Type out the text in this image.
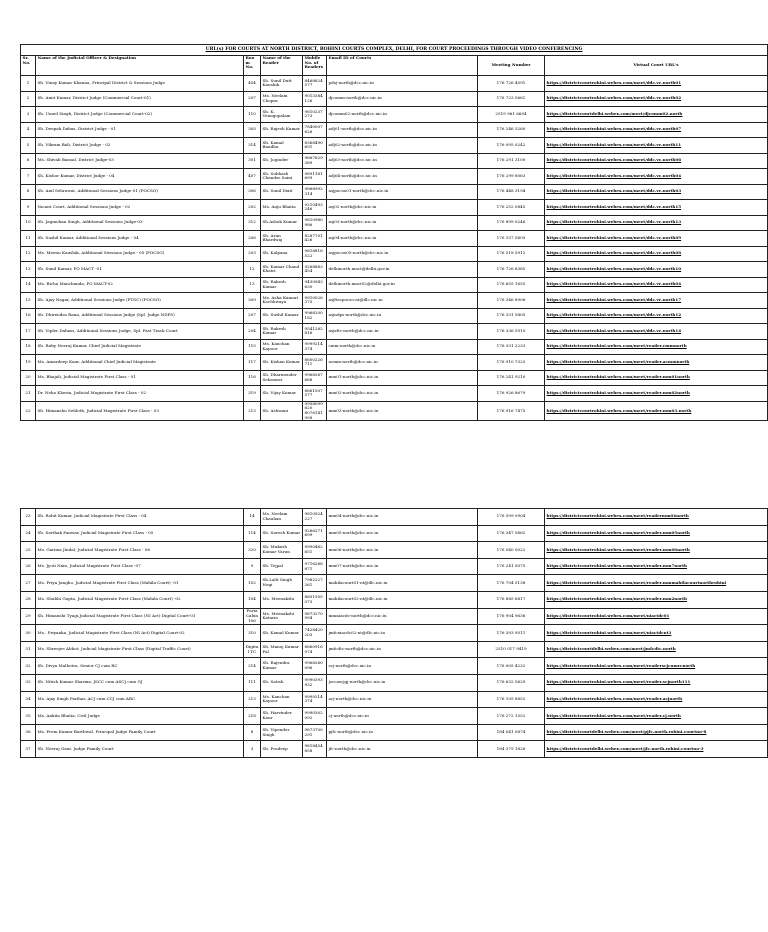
URL(s) FOR COURTS AT NORTH DISTRICT, ROHINI COURTS COMPLEX, DELHI, FOR COURT PROCEEDINGS THROUGH VIDEO CONFERENCING							
Sr. No.	Name of the Judicial Officer & Designation	Room No.	Name of the Reader	Mobile No. of Readers	Email ID of Courts	Meeting Number	Virtual Court URL's
1	Sh. Vinay Kumar Khanna, Principal District & Sessions Judge	404	Sh. Sunil Dutt Kaushik	8468824577	pdsj-north@dcc.nic.in	176 726 4591	https://districtcourtrohini.webex.com/meet/ddc.vc.north01
2	Sh. Amit Kumar, District Judge (Commercial Court-01)	207	Ms. Neelam Chopra	9013384126	djcomm-north@dcc.nic.in	176 723 5661	https://districtcourtrohini.webex.com/meet/ddc.vc.north02
3	Sh. Umed Singh, District Judge (Commercial Court-02)	110	Sh. K. Venugopalam	9810237273	djcomm02-north@dcc.nic.in	2519 961 6694	https://districtcourtdelhi.webex.com/meet/djcomm02.north
4	Sh. Deepak Dabas, District Judge - 01	305	Sh. Rajesh Kumar	7840007626	adj01-north@dcc.nic.in	176 246 3260	https://districtcourtrohini.webex.com/meet/ddc.vc.north07
5	Sh. Vikram Bali, District Judge - 02	314	Sh. Kamal Bandhu	8368490691	adj02-north@dcc.nic.in	176 095 0242	https://districtcourtrohini.webex.com/meet/ddc.vc.north11
6	Ms. Shivali Bansal, District Judge-03	301	Sh. Joginder	9667629389	adj03-north@dcc.nic.in	176 291 3100	https://districtcourtrohini.webex.com/meet/ddc.vc.north06
7	Sh. Kishor Kumar, District Judge - 04	407	Sh. Subhash Chander Saini	9891181699	adj04-north@dcc.nic.in	176 299 8063	https://districtcourtrohini.webex.com/meet/ddc.vc.north04
8	Sh. Anil Sehrawat, Additional Sessions Judge-01 (POCSO)	306	Sh. Sunil Dixit	9868992314	asjpocso01-north@dcc.nic.in	176 448 3194	https://districtcourtrohini.webex.com/meet/ddc.vc.north03
9	Vacant Court, Additional Sessions Judge - 02	202	Ms. Anju Bhatia	9210493246	asj02-north@dcc.nic.in	176 252 0845	https://districtcourtrohini.webex.com/meet/ddc.vc.north15
10	Sh. Jagmohan Singh, Additional Sessions Judge-03	312	Sh.Ashok Kumar	9810980986	asj03-north@dcc.nic.in	176 899 0246	https://districtcourtrohini.webex.com/meet/ddc.vc.north13
11	Sh. Sushil Kumar, Additional Sessions Judge - 04	206	Sh. Arun Bhardwaj	8287701426	asj04-north@dcc.nic.in	176 157 5605	https://districtcourtrohini.webex.com/meet/ddc.vc.north09
12	Ms. Meenu Kaushik, Additional Sessions Judge - 05 (POCSO)	203	Sh. Kalpana	9818816522	asjpocso05-north@dcc.nic.in	176 518 5912	https://districtcourtrohini.webex.com/meet/ddc.vc.north08
13	Sh. Sunil Kumar, PO MACT -01	12	Sh. Kumar Chand Khatri	9268883454	delhinorth.mact@delhi.gov.in	176 726 6365	https://districtcourtrohini.webex.com/meet/ddc.vc.north10
14	Ms. Richa Manchanda, PO MACT-02	13	Sh. Rakesh Kumar	9430943630	delhinorth.mact02@delhi.gov.in	176 655 1655	https://districtcourtrohini.webex.com/meet/ddc.vc.north04
15	Sh. Ajay Nagar, Additional Sessions Judge (FTSC) (POCSO)	309	Ms. Asha Kumari Kochhwaya	9910026373	asjftscpocso-nt@dlc.nic.in	176 346 8906	https://districtcourtrohini.webex.com/meet/ddc.vc.north17
16	Sh. Dhirendra Rana, Additional Sessions Judge (Spl. Judge NDPS)	207	Sh. Sushil Kumar	9968200182	asjndps-north@dcc.nic.in	176 331 5805	https://districtcourtrohini.webex.com/meet/ddc.vc.north12
17	Sh. Vipler Dabass, Additional Sessions Judge, Spl. Fast Track Court	204	Sh. Rakesh Kumar	9541282816	asjsftc-north@dcc.nic.in	176 336 5910	https://districtcourtrohini.webex.com/meet/ddc.vc.north14
18	Sh. Ruby Neeraj Kumar, Chief Judicial Magistrate	115	Ms. Kanchan Kapoor	9999214374	cmm-north@dcc.nic.in	176 331 2233	https://districtcourtrohini.webex.com/meet/reader.cmmnorth
19	Ms. Amardeep Kaur, Additional Chief Judicial Magistrate	117	Sh. Kishan Kumar	8800226711	acmm-north@dcc.nic.in	176 910 7325	https://districtcourtrohini.webex.com/meet/reader.acmmnorth
20	Ms. Bhajali, Judicial Magistrate First Class - 01	116	Sh. Dharmender Sehrawat	9968267668	mm01-north@dcc.nic.in	176 241 9210	https://districtcourtrohini.webex.com/meet/reader.mm01north
21	Dr. Neha Kheria, Judicial Magistrate First Class - 02	319	Sh. Vijay Kumar	8861507577	mm02-north@dcc.nic.in	176 926 8679	https://districtcourtrohini.webex.com/meet/reader.mm02north
22	Sh. Himanshu Sehlotb, Judicial Magistrate First Class - 03	213	Sh. Ashwani	9958099620 8076141958	mm03-north@dcc.nic.in	176 916 7475	https://districtcourtrohini.webex.com/meet/reader.mm03.north
23	Sh. Rohit Kumar, Judicial Magistrate First Class - 04	14	Ms. Neelam Chauhan	9810924227	mm04-north@dcc.nic.in	176 599 0904	https://districtcourtrohini.webex.com/meet/readermm04north
24	Sh. Sarthak Panwar, Judicial Magistrate First Class - 05	114	Sh. Suresh Kumar	9266271699	mm05-north@dcc.nic.in	176 347 5662	https://districtcourtrohini.webex.com/meet/reader.mm05north
25	Ms. Garima Jindal, Judicial Magistrate First Class - 06	320	Sh. Mukesh Kumar Varun	9990462651	mm06-north@dcc.nic.in	176 040 0022	https://districtcourtrohini.webex.com/meet/reader.mm06north
26	Ms. Jyoti Nain, Judicial Magistrate First Class -07	9	Sh. Tejpal	9716268871	mm07-north@dcc.nic.in	176 241 5075	https://districtcourtrohini.webex.com/meet/reader.mm7north
27	Ms. Priya Jangho, Judicial Magistrate First Class (Mahila Court) -01	102	Sh.Lalit Singh Negi	7982227261	mahilacourt01-nt@dlc.nic.in	176 704 5138	https://districtcourtrohini.webex.com/meet/reader.mmmahilacourtnorthrohini
28	Ms. Shubhi Gupta, Judicial Magistrate First Class (Mahila Court) -02	104	Ms. Meenakshi	8851955073	mahilacourt02-nt@dlc.nic.in	176 885 6817	https://districtcourtrohini.webex.com/meet/reader.mm2north
29	Sh. Himanshi Tyagi,Judicial Magistrate First Class (NI Act) Digital Court-01	Porta Cabin 106	Ms. Meenakshi Kataria	9873270994	mmniacdc-north@dcc.nic.in	176 904 9636	https://districtcourtrohini.webex.com/meet/niactdc01
30	Ms.. Priyanka, Judicial Magistrate First Class (NI Act) Digital Court-02	310	Sh. Kamal Kumar	7428420203	jmfcniacdc02-nt@dlc.nic.in	176 393 9511	https://districtcourtrohini.webex.com/meet/niactdcnt3
31	Ms. Shreejee Abbot, Judicial Magistrate First Class (Digital Traffic Court)	Digital TC	Sh. Manoj Kumar Pal	8860916074	jmfcdtc-north@dcc.nic.in	2510 017 9419	https://districtcourtdelhi.webex.com/meet/jmfcdtc.north
32	Sh. Divya Malhotra, Senior CJ cum RC	214	Sh. Rajendra Kumar	9968260096	scj-north@dcc.nic.in	176 005 4232	https://districtcourtrohini.webex.com/meet/readerscjcumrcnorth
33	Sh. Nitish Kumar Sharma, JSCC cum ASCJ cum GJ	111	Sh. Satish	9990393932	jsccascjgj-north@dcc.nic.in	176 632 5629	https://districtcourtrohini.webex.com/meet/reader.scjnorth111
34	Ms. Ajay Singh Parihar, ACJ cum CCJ cum ARC	213	Ms. Kanchan Kapoor	9999214374	acj-north@dcc.nic.in	176 105 8852	https://districtcourtrohini.webex.com/meet/reader.acjnorth
35	Ms. Ankita Bhatia, Civil Judge	218	Sh. Harvinder Kaur	9990302092	cj-north@dcc.nic.in	176 272 1552	https://districtcourtrohini.webex.com/meet/reader.cj.north
36	Ms. Prem Kumar Barthwal, Principal Judge Family Court	8	Sh. Vipender Singh	9873700291	pjfc-north@dcc.nic.in	184 041 0874	https://districtcourtdelhi.webex.com/meet/pjfc.north.rohini.courtno-8
37	Sh. Neeraj Gaur, Judge Family Court	3	Sh. Pradeep	9818454858	jfc-north@dcc.nic.in	184 379 1826	https://districtcourtdelhi.webex.com/meet/jfc.north.rohini.courtno-3
